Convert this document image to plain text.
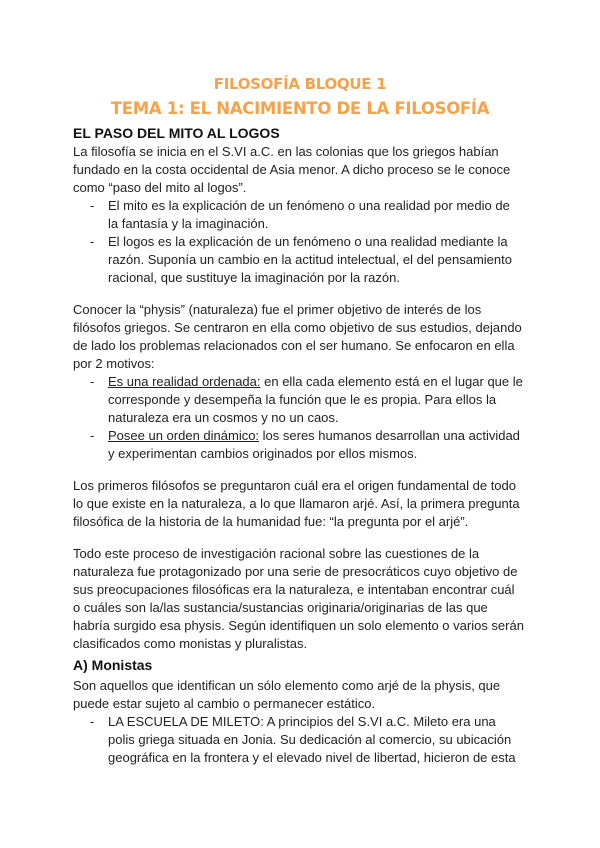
FILOSOFÍA BLOQUE 1
TEMA 1: EL NACIMIENTO DE LA FILOSOFÍA
EL PASO DEL MITO AL LOGOS
La filosofía se inicia en el S.VI a.C. en las colonias que los griegos habían
fundado en la costa occidental de Asia menor. A dicho proceso se le conoce
como “paso del mito al logos”.
- El mito es la explicación de un fenómeno o una realidad por medio de
la fantasía y la imaginación.
- El logos es la explicación de un fenómeno o una realidad mediante la
razón. Suponía un cambio en la actitud intelectual, el del pensamiento
racional, que sustituye la imaginación por la razón.
Conocer la “physis” (naturaleza) fue el primer objetivo de interés de los
filósofos griegos. Se centraron en ella como objetivo de sus estudios, dejando
de lado los problemas relacionados con el ser humano. Se enfocaron en ella
por 2 motivos:
- Es una realidad ordenada: en ella cada elemento está en el lugar que le
corresponde y desempeña la función que le es propia. Para ellos la
naturaleza era un cosmos y no un caos.
- Posee un orden dinámico: los seres humanos desarrollan una actividad
y experimentan cambios originados por ellos mismos.
Los primeros filósofos se preguntaron cuál era el origen fundamental de todo
lo que existe en la naturaleza, a lo que llamaron arjé. Así, la primera pregunta
filosófica de la historia de la humanidad fue: “la pregunta por el arjé”.
Todo este proceso de investigación racional sobre las cuestiones de la
naturaleza fue protagonizado por una serie de presocráticos cuyo objetivo de
sus preocupaciones filosóficas era la naturaleza, e intentaban encontrar cuál
o cuáles son la/las sustancia/sustancias originaria/originarias de las que
habría surgido esa physis. Según identifiquen un solo elemento o varios serán
clasificados como monistas y pluralistas.
A) Monistas
Son aquellos que identifican un sólo elemento como arjé de la physis, que
puede estar sujeto al cambio o permanecer estático.
- LA ESCUELA DE MILETO: A principios del S.VI a.C. Mileto era una
polis griega situada en Jonia. Su dedicación al comercio, su ubicación
geográfica en la frontera y el elevado nivel de libertad, hicieron de esta
